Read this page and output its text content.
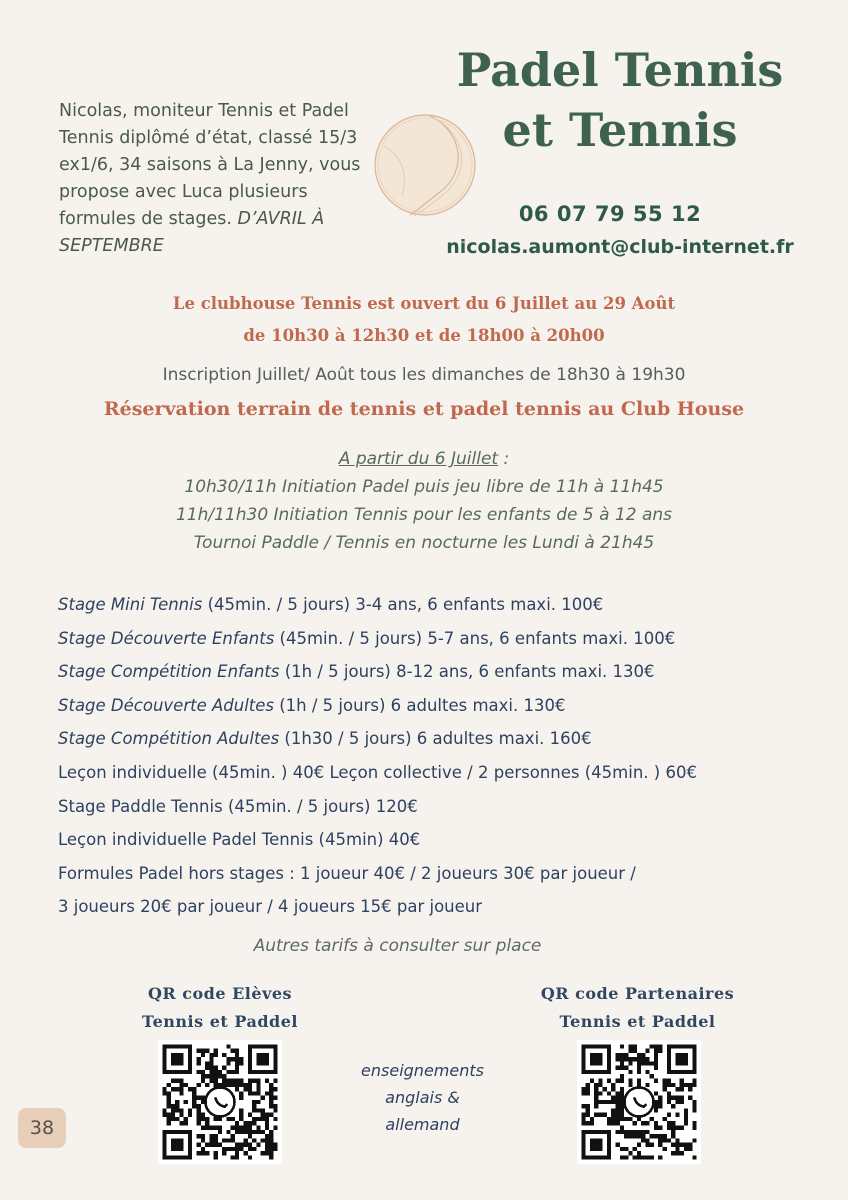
Nicolas, moniteur Tennis et Padel Tennis diplômé d’état, classé 15/3 ex1/6, 34 saisons à La Jenny, vous propose avec Luca plusieurs formules de stages. D’AVRIL À SEPTEMBRE
Padel Tennis
et Tennis
06 07 79 55 12
nicolas.aumont@club-internet.fr
Le clubhouse Tennis est ouvert du 6 Juillet au 29 Août
de 10h30 à 12h30 et de 18h00 à 20h00
Inscription Juillet/ Août tous les dimanches de 18h30 à 19h30
Réservation terrain de tennis et padel tennis au Club House
A partir du 6 Juillet :
10h30/11h Initiation Padel puis jeu libre de 11h à 11h45
11h/11h30 Initiation Tennis pour les enfants de 5 à 12 ans
Tournoi Paddle / Tennis en nocturne les Lundi à 21h45
Stage Mini Tennis (45min. / 5 jours) 3-4 ans, 6 enfants maxi. 100€
Stage Découverte Enfants (45min. / 5 jours) 5-7 ans, 6 enfants maxi. 100€
Stage Compétition Enfants (1h / 5 jours) 8-12 ans, 6 enfants maxi. 130€
Stage Découverte Adultes (1h / 5 jours) 6 adultes maxi. 130€
Stage Compétition Adultes (1h30 / 5 jours) 6 adultes maxi. 160€
Leçon individuelle (45min. ) 40€ Leçon collective / 2 personnes (45min. ) 60€
Stage Paddle Tennis (45min. / 5 jours) 120€
Leçon individuelle Padel Tennis (45min) 40€
Formules Padel hors stages : 1 joueur 40€ / 2 joueurs 30€ par joueur /
3 joueurs 20€ par joueur / 4 joueurs 15€ par joueur
Autres tarifs à consulter sur place
QR code Elèves
Tennis et Paddel
QR code Partenaires
Tennis et Paddel
enseignements
anglais &
allemand
38
